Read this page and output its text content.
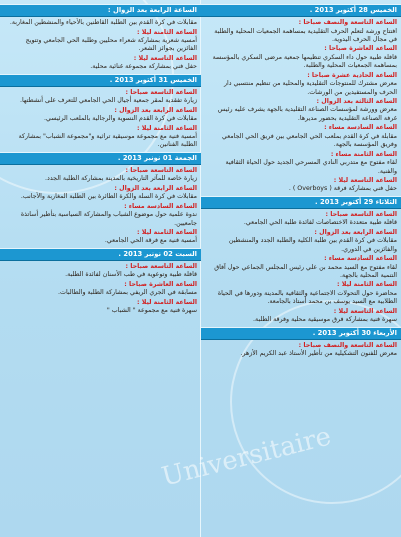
الخميس 28 أكتوبر 2013 .
الساعة التاسعة والنصف صباحا :
افتتاح ورشة لتعلم الحرف التقليدية بمساهمة الجمعيات المحلية والطلبة في مجال الحرف اليدوية.
الساعة العاشرة صباحا :
قافلة طبية حول داء السكري تنظيمها جمعية مرضى السكري بالمؤسسة بمساهمة الجمعيات المحلية والطلبة.
الساعة الحادية عشرة صباحا :
معرض مشترك للمنتوجات التقليدية والمحلية من تنظيم منتسبي دار الحرف والمستفيدين من الورشات.
الساعة الثالثة بعد الزوال :
معرض وورشة لمؤسسات الصناعة التقليدية بالجهة يشرف عليه رئيس غرفة الصناعة التقليدية بحضور مديرها.
الساعة السادسة مساء :
مقابلة في كرة القدم بملعب الحي الجامعي بين فريق الحي الجامعي وفريق المؤسسة بالجهة.
الساعة الثامنة مساء :
لقاء مفتوح مع متدربي النادي المسرحي الجديد حول الحياة الثقافية والفنية.
الساعة التاسعة ليلا :
حفل فني بمشاركة فرقة ( Overboys ) .
الثلاثاء 29 أكتوبر 2013 .
الساعة التاسعة صباحا :
قافلة طبية متعددة الاختصاصات لفائدة طلبة الحي الجامعي.
الساعة الرابعة بعد الزوال :
مقابلات في كرة القدم بين طلبة الكلية والطلبة الجدد والمنشطين والفائزين في الدوري.
الساعة السادسة مساء :
لقاء مفتوح مع السيد محمد بن علي رئيس المجلس الجماعي حول آفاق التنمية المحلية بالجهة.
الساعة الثامنة ليلا :
محاضرة حول التحولات الاجتماعية والثقافية بالمدينة ودورها في الحياة الطلابية مع السيد يوسف بن محمد أستاذ بالجامعة.
الساعة التاسعة ليلا :
سهرة فنية بمشاركة فرق موسيقية محلية وفرقة الطلبة.
الأربعاء 30 أكتوبر 2013 .
الساعة التاسعة والنصف صباحا :
معرض للفنون التشكيلية من تأطير الأستاذ عبد الكريم الأزهر.
الساعة الرابعة بعد الزوال :
مقابلات في كرة القدم بين الطلبة القاطنين بالأحياء والمنشطين المغاربة.
الساعة الثامنة ليلا :
أمسية شعرية بمشاركة شعراء محليين وطلبة الحي الجامعي وتتويج الفائزين بجوائز الشعر.
الساعة التاسعة ليلا :
حفل فني بمشاركة مجموعة غنائية محلية.
الخميس 31 أكتوبر 2013 .
الساعة التاسعة صباحا :
زيارة تفقدية لمقر جمعية أجيال الحي الجامعي للتعرف على أنشطتها.
الساعة الرابعة بعد الزوال :
مقابلات في كرة القدم النسوية والرجالية بالملعب الرئيسي.
الساعة الثامنة ليلا :
أمسية فنية مع مجموعة موسيقية تراثية و"مجموعة الشباب" بمشاركة الطلبة الفنانين.
الجمعة 01 نونبر 2013 .
الساعة التاسعة صباحا :
زيارة خاصة للمآثر التاريخية بالمدينة بمشاركة الطلبة الجدد.
الساعة الرابعة بعد الزوال :
مقابلات في كرة السلة والكرة الطائرة بين الطلبة المغاربة والأجانب.
الساعة السادسة مساء :
ندوة علمية حول موضوع الشباب والمشاركة السياسية بتأطير أساتذة جامعيين.
الساعة الثامنة ليلا :
أمسية فنية مع فرقة الحي الجامعي.
السبت 02 نونبر 2013 .
الساعة التاسعة صباحا :
قافلة طبية وتوعوية في طب الأسنان لفائدة الطلبة.
الساعة العاشرة صباحا :
مسابقة في الجري الريفي بمشاركة الطلبة والطالبات.
الساعة الثامنة ليلا :
سهرة فنية مع مجموعة " الشباب "
Universitaire
